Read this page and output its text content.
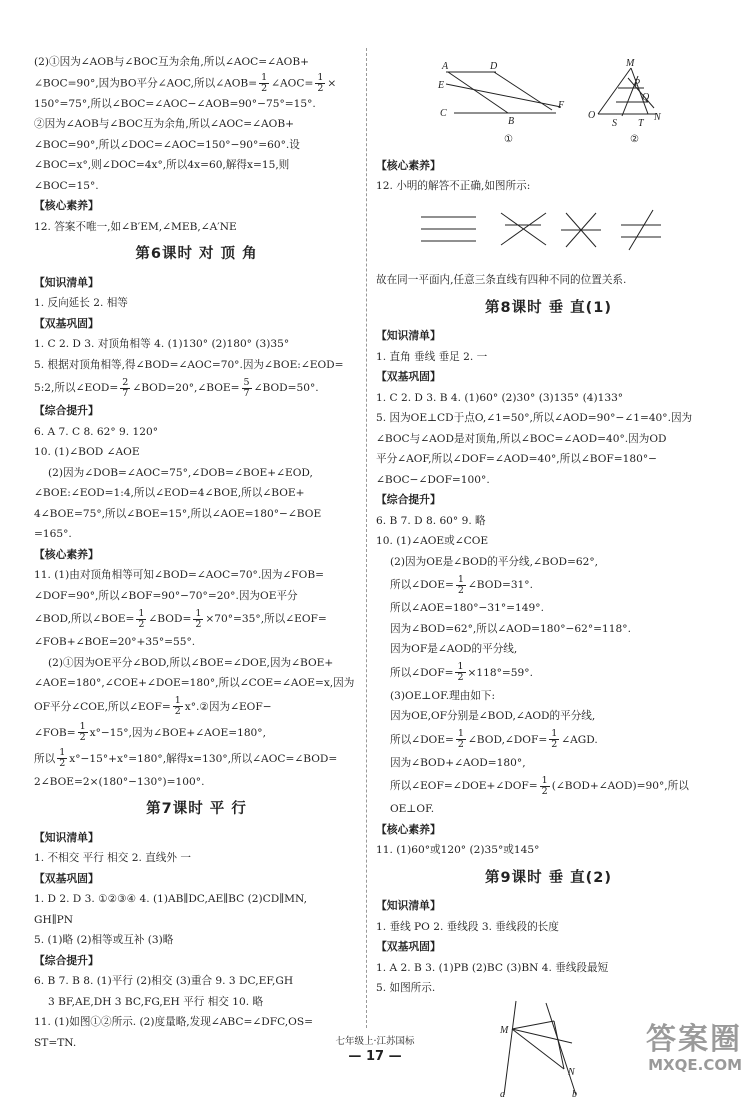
(2)①因为∠AOB与∠BOC互为余角,所以∠AOC=∠AOB+
∠BOC=90°,因为BO平分∠AOC,所以∠AOB= $\frac{1}{2}$ ∠AOC= $\frac{1}{2}$ ×
150°=75°,所以∠BOC=∠AOC−∠AOB=90°−75°=15°.
②因为∠AOB与∠BOC互为余角,所以∠AOC=∠AOB+
∠BOC=90°,所以∠DOC=∠AOC=150°−90°=60°.设
∠BOC=x°,则∠DOC=4x°,所以4x=60,解得x=15,则
∠BOC=15°.
【核心素养】
12. 答案不唯一,如∠B′EM,∠MEB,∠A′NE
第6课时 对 顶 角
【知识清单】
1. 反向延长 2. 相等
【双基巩固】
1. C 2. D 3. 对顶角相等 4. (1)130° (2)180° (3)35°
5. 根据对顶角相等,得∠BOD=∠AOC=70°.因为∠BOE:∠EOD=
5:2,所以∠EOD= $\frac{2}{7}$ ∠BOD=20°,∠BOE= $\frac{5}{7}$ ∠BOD=50°.
【综合提升】
6. A 7. C 8. 62° 9. 120°
10. (1)∠BOD ∠AOE
(2)因为∠DOB=∠AOC=75°,∠DOB=∠BOE+∠EOD,
∠BOE:∠EOD=1:4,所以∠EOD=4∠BOE,所以∠BOE+
4∠BOE=75°,所以∠BOE=15°,所以∠AOE=180°−∠BOE
=165°.
【核心素养】
11. (1)由对顶角相等可知∠BOD=∠AOC=70°.因为∠FOB=
∠DOF=90°,所以∠BOF=90°−70°=20°.因为OE平分
∠BOD,所以∠BOE= $\frac{1}{2}$ ∠BOD= $\frac{1}{2} \times 70^\circ=35^\circ$,所以∠EOF=
∠FOB+∠BOE=20°+35°=55°.
(2)①因为OE平分∠BOD,所以∠BOE=∠DOE,因为∠BOE+
∠AOE=180°,∠COE+∠DOE=180°,所以∠COE=∠AOE=x,因为
OF平分∠COE,所以∠EOF= $\frac{1}{2}$ x°.②因为∠EOF−
∠FOB= $\frac{1}{2} x^\circ-15^\circ$,因为∠BOE+∠AOE=180°,
所以 $\frac{1}{2} x^\circ-15^\circ+x^\circ=180^\circ$,解得x=130°,所以∠AOC=∠BOD=
2∠BOE=2×(180°−130°)=100°.
第7课时 平 行
【知识清单】
1. 不相交 平行 相交 2. 直线外 一
【双基巩固】
1. D 2. D 3. ①②③④ 4. (1)AB∥DC,AE∥BC (2)CD∥MN,
GH∥PN
5. (1)略 (2)相等或互补 (3)略
【综合提升】
6. B 7. B 8. (1)平行 (2)相交 (3)重合 9. 3 DC,EF,GH
3 BF,AE,DH 3 BC,FG,EH 平行 相交 10. 略
11. (1)如图①②所示. (2)度量略,发现∠ABC=∠DFC,OS=
ST=TN.
A	D
E
F
C
B
①
M
P
Q
O
S T
N
②
【核心素养】
12. 小明的解答不正确,如图所示:
故在同一平面内,任意三条直线有四种不同的位置关系.
第8课时 垂 直(1)
【知识清单】
1. 直角 垂线 垂足 2. 一
【双基巩固】
1. C 2. D 3. B 4. (1)60° (2)30° (3)135° (4)133°
5. 因为OE⊥CD于点O,∠1=50°,所以∠AOD=90°−∠1=40°.因为
∠BOC与∠AOD是对顶角,所以∠BOC=∠AOD=40°.因为OD
平分∠AOF,所以∠DOF=∠AOD=40°,所以∠BOF=180°−
∠BOC−∠DOF=100°.
【综合提升】
6. B 7. D 8. 60° 9. 略
10. (1)∠AOE或∠COE
(2)因为OE是∠BOD的平分线,∠BOD=62°,
所以∠DOE= $\frac{1}{2}$ ∠BOD=31°.
所以∠AOE=180°−31°=149°.
因为∠BOD=62°,所以∠AOD=180°−62°=118°.
因为OF是∠AOD的平分线,
所以∠DOF= $\frac{1}{2} \times 118^\circ=59^\circ$.
(3)OE⊥OF.理由如下:
因为OE,OF分别是∠BOD,∠AOD的平分线,
所以∠DOE= $\frac{1}{2}$ ∠BOD,∠DOF= $\frac{1}{2}$ ∠AGD.
因为∠BOD+∠AOD=180°,
所以∠EOF=∠DOE+∠DOF= $\frac{1}{2}$ (∠BOD+∠AOD)=90°,所以
OE⊥OF.
【核心素养】
11. (1)60°或120° (2)35°或145°
第9课时 垂 直(2)
【知识清单】
1. 垂线 PO 2. 垂线段 3. 垂线段的长度
【双基巩固】
1. A 2. B 3. (1)PB (2)BC (3)BN 4. 垂线段最短
5. 如图所示.
M
N
a	b
七年级上·江苏国标
— 17 —	答案圈
MXQE.COM
